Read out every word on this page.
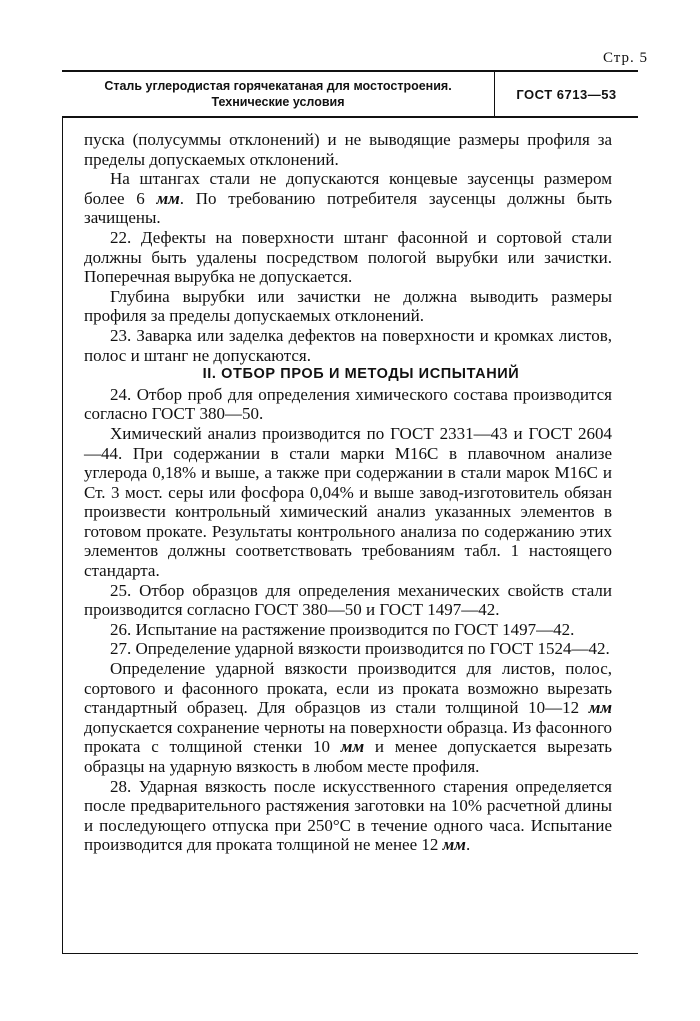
Стр. 5
Сталь углеродистая горячекатаная для мостостроения.
Технические условия
ГОСТ 6713—53

пуска (полусуммы отклонений) и не выводящие размеры профиля за пределы допускаемых отклонений.

На штангах стали не допускаются концевые заусенцы размером более 6 мм. По требованию потребителя заусенцы должны быть зачищены.

22. Дефекты на поверхности штанг фасонной и сортовой стали должны быть удалены посредством пологой вырубки или зачистки. Поперечная вырубка не допускается.

Глубина вырубки или зачистки не должна выводить размеры профиля за пределы допускаемых отклонений.

23. Заварка или заделка дефектов на поверхности и кромках листов, полос и штанг не допускаются.

II. ОТБОР ПРОБ И МЕТОДЫ ИСПЫТАНИЙ

24. Отбор проб для определения химического состава производится согласно ГОСТ 380—50.

Химический анализ производится по ГОСТ 2331—43 и ГОСТ 2604—44. При содержании в стали марки М16С в плавочном анализе углерода 0,18% и выше, а также при содержании в стали марок М16С и Ст. 3 мост. серы или фосфора 0,04% и выше завод-изготовитель обязан произвести контрольный химический анализ указанных элементов в готовом прокате. Результаты контрольного анализа по содержанию этих элементов должны соответствовать требованиям табл. 1 настоящего стандарта.

25. Отбор образцов для определения механических свойств стали производится согласно ГОСТ 380—50 и ГОСТ 1497—42.

26. Испытание на растяжение производится по ГОСТ 1497—42.

27. Определение ударной вязкости производится по ГОСТ 1524—42.

Определение ударной вязкости производится для листов, полос, сортового и фасонного проката, если из проката возможно вырезать стандартный образец. Для образцов из стали толщиной 10—12 мм допускается сохранение черноты на поверхности образца. Из фасонного проката с толщиной стенки 10 мм и менее допускается вырезать образцы на ударную вязкость в любом месте профиля.

28. Ударная вязкость после искусственного старения определяется после предварительного растяжения заготовки на 10% расчетной длины и последующего отпуска при 250°С в течение одного часа. Испытание производится для проката толщиной не менее 12 мм.
